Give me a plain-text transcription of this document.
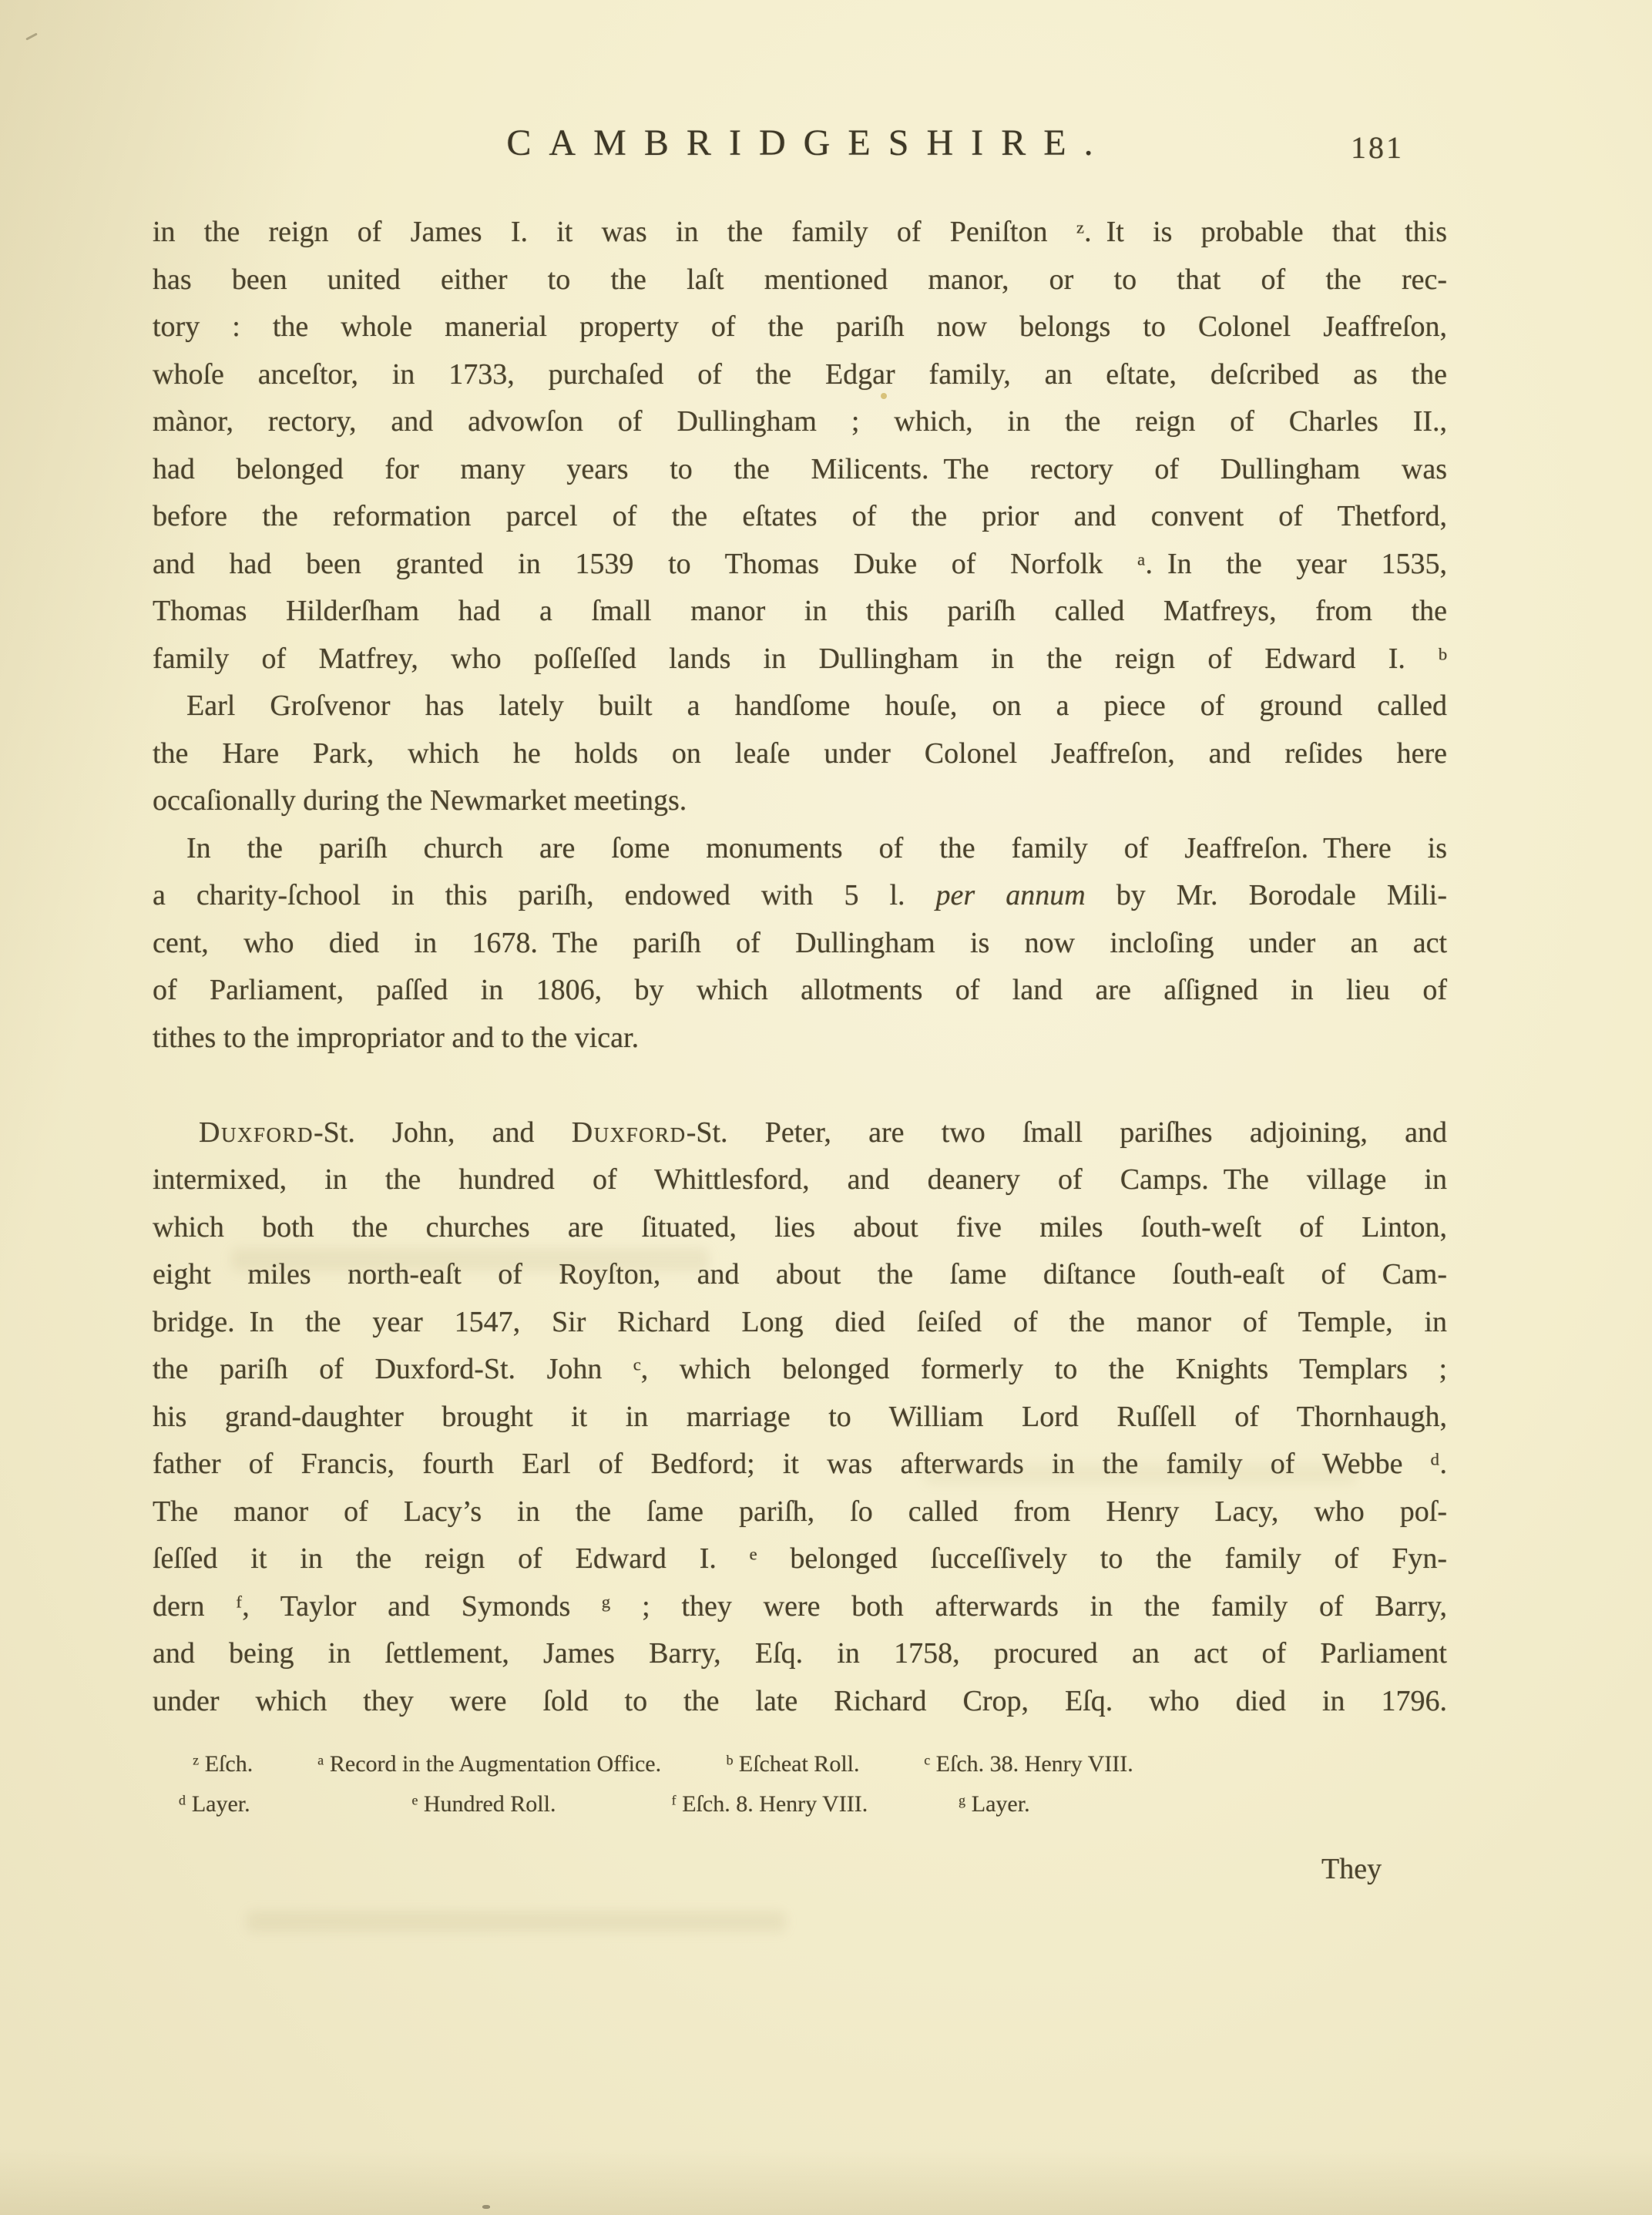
CAMBRIDGESHIRE.	181
in the reign of James I. it was in the family of Peniſton ᶻ. It is probable that this
has been united either to the laſt mentioned manor, or to that of the rec-
tory : the whole manerial property of the pariſh now belongs to Colonel Jeaffreſon,
whoſe anceſtor, in 1733, purchaſed of the Edgar family, an eſtate, deſcribed as the
mànor, rectory, and advowſon of Dullingham ; which, in the reign of Charles II.,
had belonged for many years to the Milicents. The rectory of Dullingham was
before the reformation parcel of the eſtates of the prior and convent of Thetford,
and had been granted in 1539 to Thomas Duke of Norfolk ᵃ. In the year 1535,
Thomas Hilderſham had a ſmall manor in this pariſh called Matfreys, from the
family of Matfrey, who poſſeſſed lands in Dullingham in the reign of Edward I. ᵇ
Earl Groſvenor has lately built a handſome houſe, on a piece of ground called
the Hare Park, which he holds on leaſe under Colonel Jeaffreſon, and reſides here
occaſionally during the Newmarket meetings.
In the pariſh church are ſome monuments of the family of Jeaffreſon. There is
a charity-ſchool in this pariſh, endowed with 5 l. per annum by Mr. Borodale Mili-
cent, who died in 1678. The pariſh of Dullingham is now incloſing under an act
of Parliament, paſſed in 1806, by which allotments of land are aſſigned in lieu of
tithes to the impropriator and to the vicar.
Duxford-St. John, and Duxford-St. Peter, are two ſmall pariſhes adjoining, and
intermixed, in the hundred of Whittlesford, and deanery of Camps. The village in
which both the churches are ſituated, lies about five miles ſouth-weſt of Linton,
eight miles north-eaſt of Royſton, and about the ſame diſtance ſouth-eaſt of Cam-
bridge. In the year 1547, Sir Richard Long died ſeiſed of the manor of Temple, in
the pariſh of Duxford-St. John ᶜ, which belonged formerly to the Knights Templars ;
his grand-daughter brought it in marriage to William Lord Ruſſell of Thornhaugh,
father of Francis, fourth Earl of Bedford; it was afterwards in the family of Webbe ᵈ.
The manor of Lacy’s in the ſame pariſh, ſo called from Henry Lacy, who poſ-
ſeſſed it in the reign of Edward I. ᵉ belonged ſucceſſively to the family of Fyn-
dern ᶠ, Taylor and Symonds ᵍ ; they were both afterwards in the family of Barry,
and being in ſettlement, James Barry, Eſq. in 1758, procured an act of Parliament
under which they were ſold to the late Richard Crop, Eſq. who died in 1796.
ᶻ Eſch.	ᵃ Record in the Augmentation Office.	ᵇ Eſcheat Roll.	ᶜ Eſch. 38. Henry VIII.
ᵈ Layer.	ᵉ Hundred Roll.	ᶠ Eſch. 8. Henry VIII.	ᵍ Layer.
They
